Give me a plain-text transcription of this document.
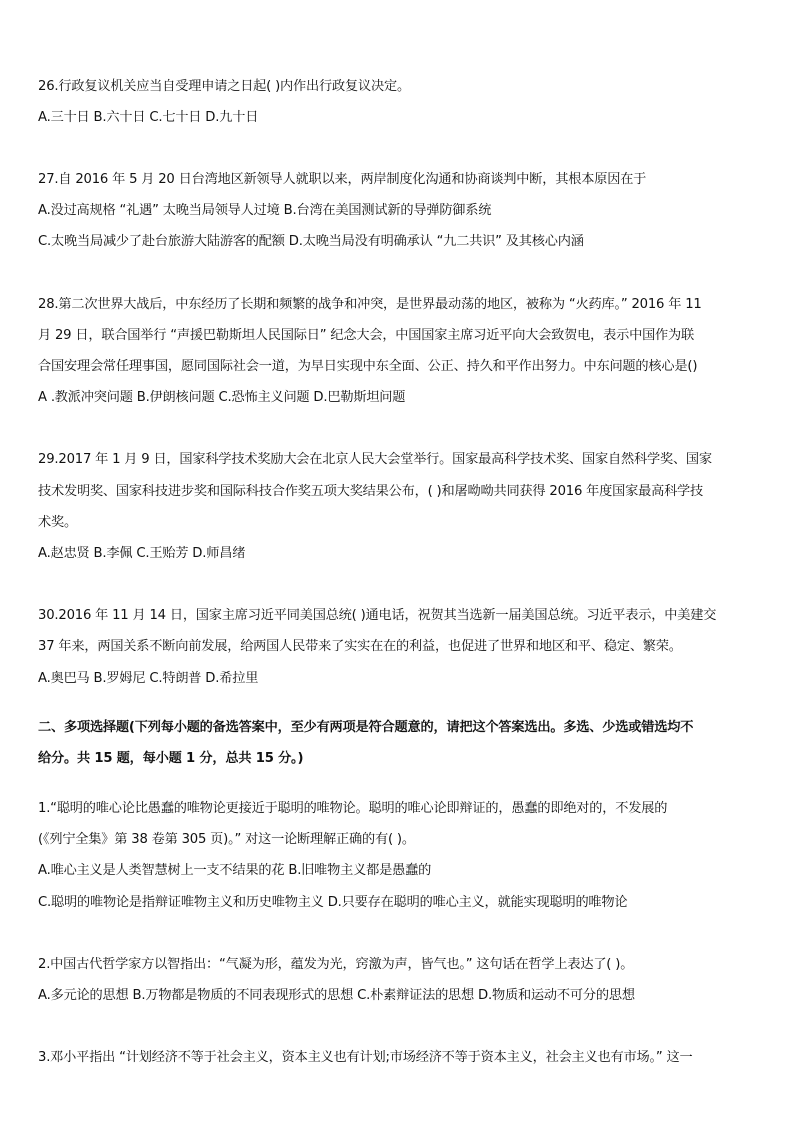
26.行政复议机关应当自受理申请之日起( )内作出行政复议决定。
A.三十日 B.六十日 C.七十日 D.九十日
27.自 2016 年 5 月 20 日台湾地区新领导人就职以来，两岸制度化沟通和协商谈判中断，其根本原因在于
A.没过高规格 “礼遇” 太晚当局领导人过境 B.台湾在美国测试新的导弹防御系统
C.太晚当局减少了赴台旅游大陆游客的配额 D.太晚当局没有明确承认 “九二共识” 及其核心内涵
28.第二次世界大战后，中东经历了长期和频繁的战争和冲突，是世界最动荡的地区，被称为 “火药库。” 2016 年 11
月 29 日，联合国举行 “声援巴勒斯坦人民国际日” 纪念大会，中国国家主席习近平向大会致贺电，表示中国作为联
合国安理会常任理事国，愿同国际社会一道，为早日实现中东全面、公正、持久和平作出努力。中东问题的核心是()
A .教派冲突问题 B.伊朗核问题 C.恐怖主义问题 D.巴勒斯坦问题
29.2017 年 1 月 9 日，国家科学技术奖励大会在北京人民大会堂举行。国家最高科学技术奖、国家自然科学奖、国家
技术发明奖、国家科技进步奖和国际科技合作奖五项大奖结果公布，( )和屠呦呦共同获得 2016 年度国家最高科学技
术奖。
A.赵忠贤 B.李佩 C.王贻芳 D.师昌绪
30.2016 年 11 月 14 日，国家主席习近平同美国总统( )通电话，祝贺其当选新一届美国总统。习近平表示，中美建交
37 年来，两国关系不断向前发展，给两国人民带来了实实在在的利益，也促进了世界和地区和平、稳定、繁荣。
A.奥巴马 B.罗姆尼 C.特朗普 D.希拉里
二、多项选择题(下列每小题的备选答案中，至少有两项是符合题意的，请把这个答案选出。多选、少选或错选均不
给分。共 15 题，每小题 1 分，总共 15 分。)
1.“聪明的唯心论比愚蠢的唯物论更接近于聪明的唯物论。聪明的唯心论即辩证的，愚蠢的即绝对的，不发展的
(《列宁全集》第 38 卷第 305 页)。” 对这一论断理解正确的有( )。
A.唯心主义是人类智慧树上一支不结果的花 B.旧唯物主义都是愚蠢的
C.聪明的唯物论是指辩证唯物主义和历史唯物主义 D.只要存在聪明的唯心主义，就能实现聪明的唯物论
2.中国古代哲学家方以智指出：“气凝为形，蕴发为光，窍激为声，皆气也。” 这句话在哲学上表达了( )。
A.多元论的思想 B.万物都是物质的不同表现形式的思想 C.朴素辩证法的思想 D.物质和运动不可分的思想
3.邓小平指出 “计划经济不等于社会主义，资本主义也有计划;市场经济不等于资本主义，社会主义也有市场。” 这一
